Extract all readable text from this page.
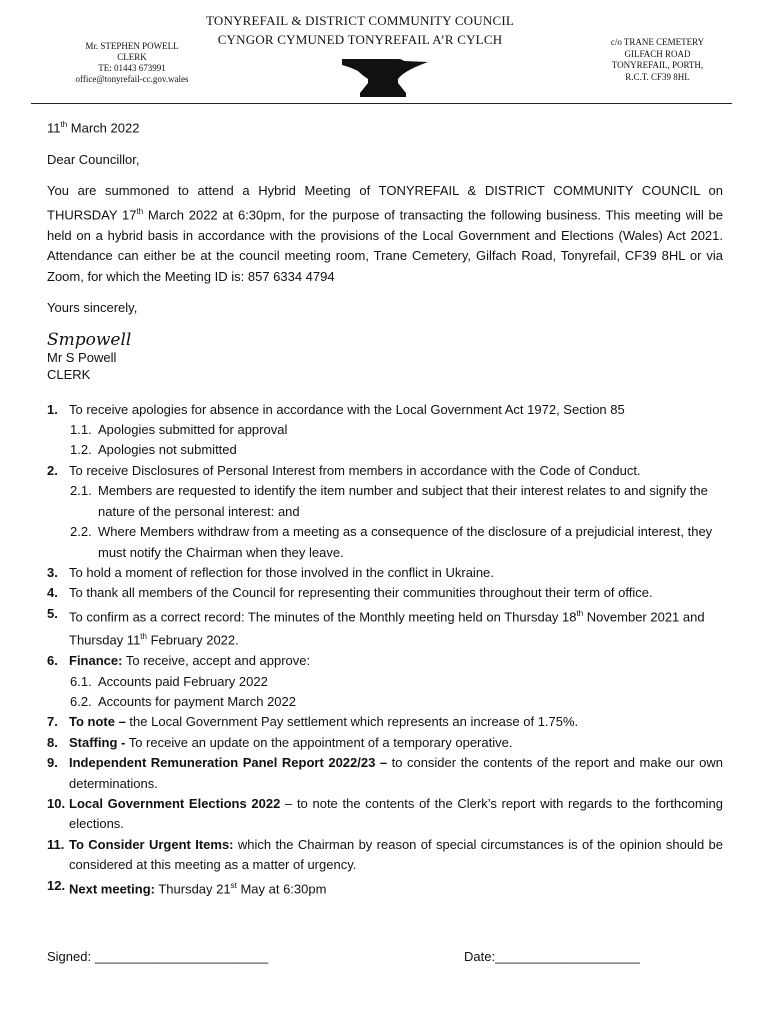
TONYREFAIL & DISTRICT COMMUNITY COUNCIL
CYNGOR CYMUNED TONYREFAIL A’R CYLCH
Mr. STEPHEN POWELL
CLERK
TE: 01443 673991
office@tonyrefail-cc.gov.wales
c/o TRANE CEMETERY
GILFACH ROAD
TONYREFAIL, PORTH,
R.C.T. CF39 8HL

11th March 2022

Dear Councillor,

You are summoned to attend a Hybrid Meeting of TONYREFAIL & DISTRICT COMMUNITY COUNCIL on THURSDAY 17th March 2022 at 6:30pm, for the purpose of transacting the following business. This meeting will be held on a hybrid basis in accordance with the provisions of the Local Government and Elections (Wales) Act 2021. Attendance can either be at the council meeting room, Trane Cemetery, Gilfach Road, Tonyrefail, CF39 8HL or via Zoom, for which the Meeting ID is: 857 6334 4794

Yours sincerely,

Smpowell
Mr S Powell
CLERK
1. To receive apologies for absence in accordance with the Local Government Act 1972, Section 85
1.1. Apologies submitted for approval
1.2. Apologies not submitted
2. To receive Disclosures of Personal Interest from members in accordance with the Code of Conduct.
2.1. Members are requested to identify the item number and subject that their interest relates to and signify the nature of the personal interest: and
2.2. Where Members withdraw from a meeting as a consequence of the disclosure of a prejudicial interest, they must notify the Chairman when they leave.
3. To hold a moment of reflection for those involved in the conflict in Ukraine.
4. To thank all members of the Council for representing their communities throughout their term of office.
5. To confirm as a correct record: The minutes of the Monthly meeting held on Thursday 18th November 2021 and Thursday 11th February 2022.
6. Finance: To receive, accept and approve:
6.1. Accounts paid February 2022
6.2. Accounts for payment March 2022
7. To note – the Local Government Pay settlement which represents an increase of 1.75%.
8. Staffing - To receive an update on the appointment of a temporary operative.
9. Independent Remuneration Panel Report 2022/23 – to consider the contents of the report and make our own determinations.
10. Local Government Elections 2022 – to note the contents of the Clerk’s report with regards to the forthcoming elections.
11. To Consider Urgent Items: which the Chairman by reason of special circumstances is of the opinion should be considered at this meeting as a matter of urgency.
12. Next meeting: Thursday 21st May at 6:30pm
Signed: ________________________	Date:____________________
